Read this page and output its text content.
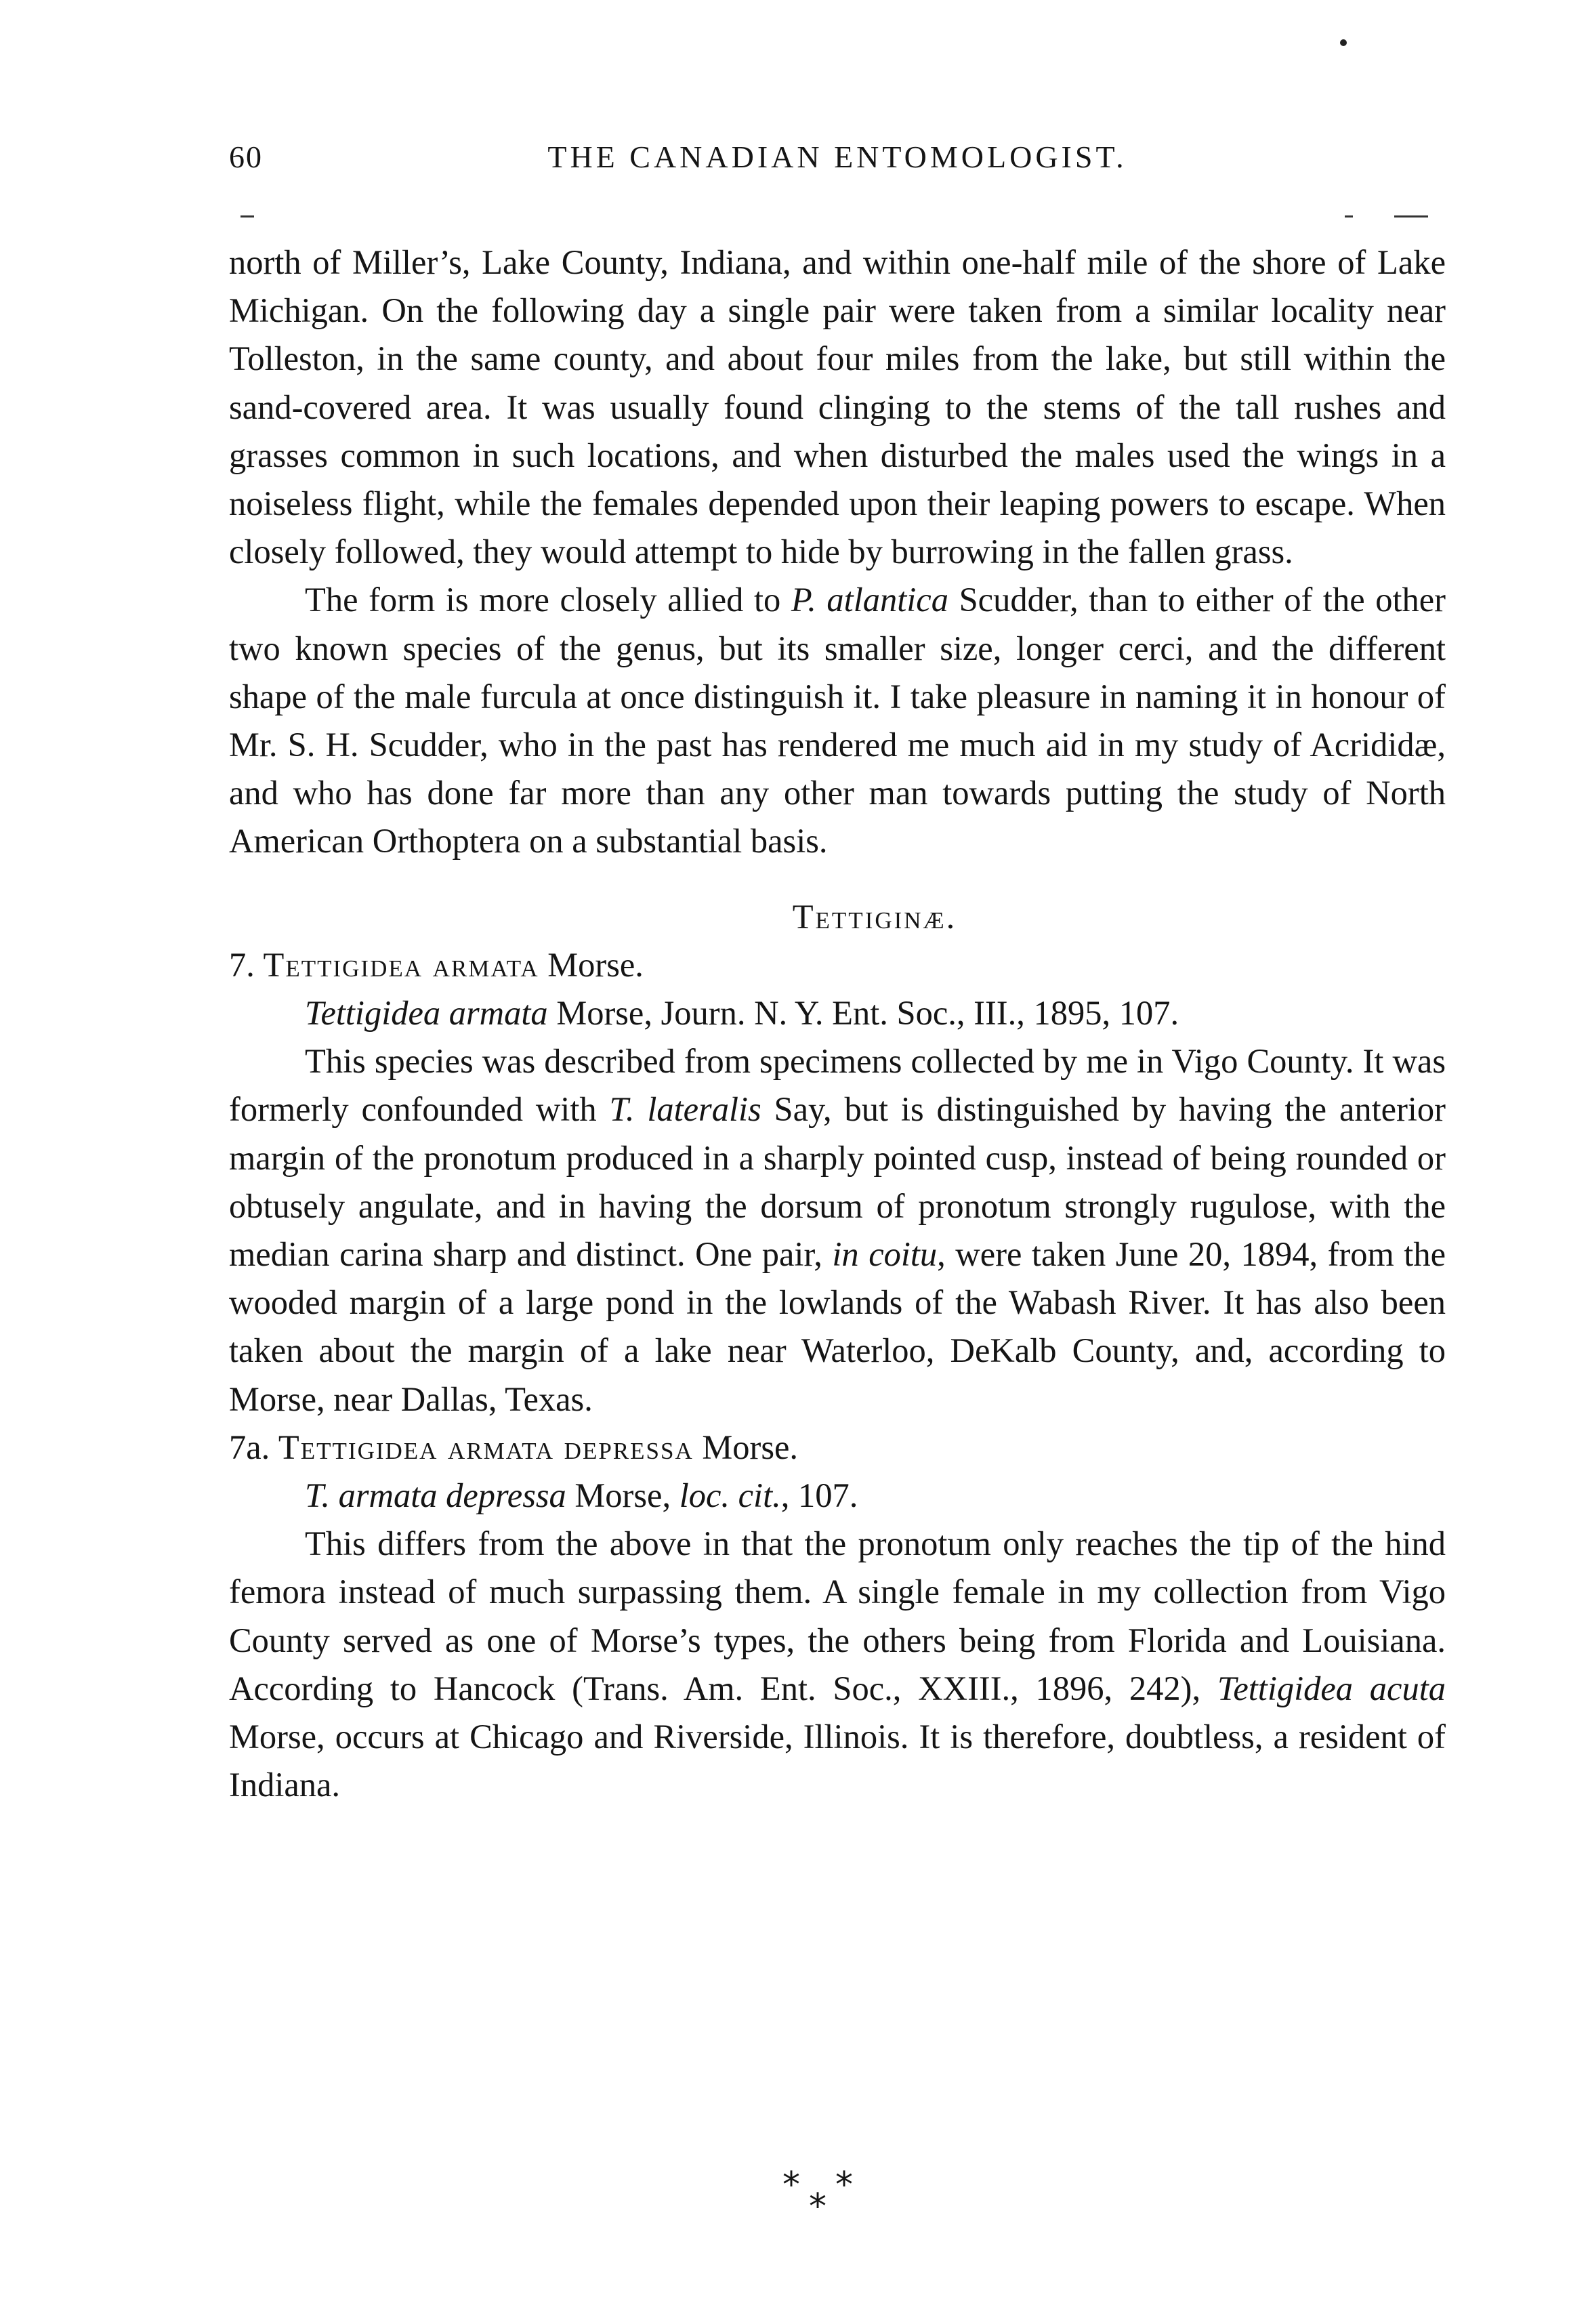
60	THE CANADIAN ENTOMOLOGIST.

north of Miller’s, Lake County, Indiana, and within one-half mile of the shore of Lake Michigan. On the following day a single pair were taken from a similar locality near Tolleston, in the same county, and about four miles from the lake, but still within the sand-covered area. It was usually found clinging to the stems of the tall rushes and grasses common in such locations, and when disturbed the males used the wings in a noiseless flight, while the females depended upon their leaping powers to escape. When closely followed, they would attempt to hide by burrowing in the fallen grass.

The form is more closely allied to P. atlantica Scudder, than to either of the other two known species of the genus, but its smaller size, longer cerci, and the different shape of the male furcula at once distinguish it. I take pleasure in naming it in honour of Mr. S. H. Scudder, who in the past has rendered me much aid in my study of Acrididæ, and who has done far more than any other man towards putting the study of North American Orthoptera on a substantial basis.

Tettiginæ.

7. Tettigidea armata Morse.

Tettigidea armata Morse, Journ. N. Y. Ent. Soc., III., 1895, 107.

This species was described from specimens collected by me in Vigo County. It was formerly confounded with T. lateralis Say, but is distinguished by having the anterior margin of the pronotum produced in a sharply pointed cusp, instead of being rounded or obtusely angulate, and in having the dorsum of pronotum strongly rugulose, with the median carina sharp and distinct. One pair, in coitu, were taken June 20, 1894, from the wooded margin of a large pond in the lowlands of the Wabash River. It has also been taken about the margin of a lake near Waterloo, DeKalb County, and, according to Morse, near Dallas, Texas.

7a. Tettigidea armata depressa Morse.

T. armata depressa Morse, loc. cit., 107.

This differs from the above in that the pronotum only reaches the tip of the hind femora instead of much surpassing them. A single female in my collection from Vigo County served as one of Morse’s types, the others being from Florida and Louisiana. According to Hancock (Trans. Am. Ent. Soc., XXIII., 1896, 242), Tettigidea acuta Morse, occurs at Chicago and Riverside, Illinois. It is therefore, doubtless, a resident of Indiana.

* *
*
